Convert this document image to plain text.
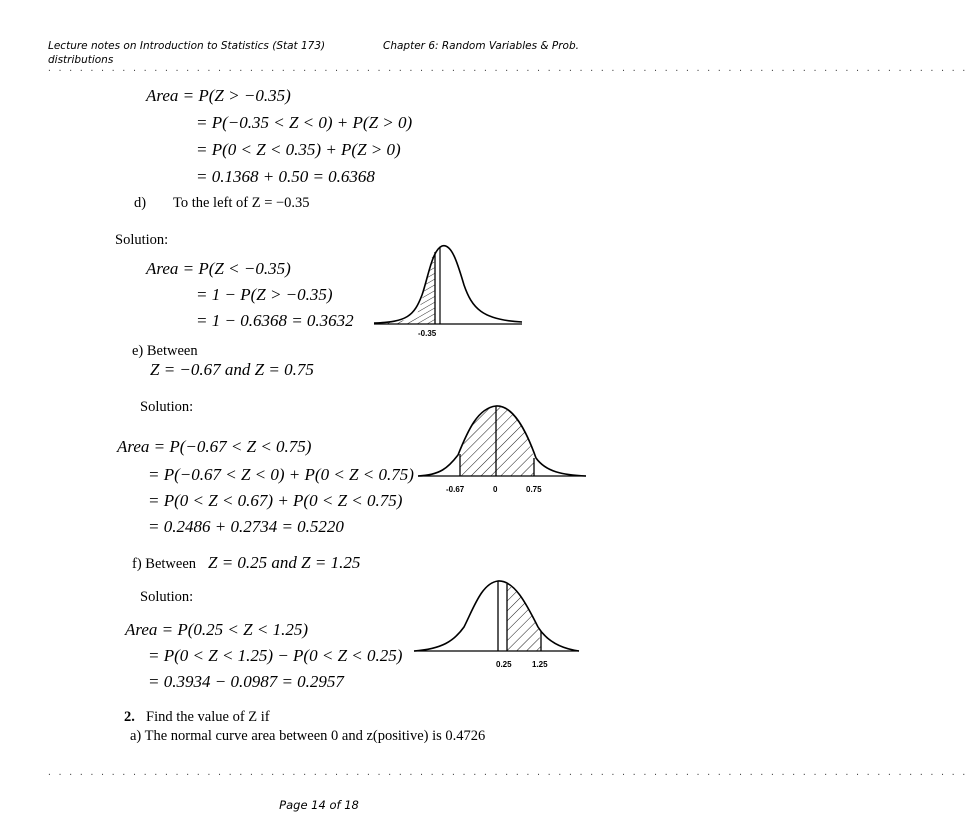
Lecture notes on Introduction to Statistics (Stat 173)
distributions
Chapter 6: Random Variables & Prob.
. . . . . . . . . . . . . . . . . . . . . . . . . . . . . . . . . . . . . . . . . . . . . . . . . . . . . . . . . . . . . . . . . . . . . . . . . . . . . . . . . . . . . . .
Area = P(Z > −0.35)
= P(−0.35 < Z < 0) + P(Z > 0)
= P(0 < Z < 0.35) + P(Z > 0)
= 0.1368 + 0.50 = 0.6368
d) To the left of Z = −0.35
Solution:
Area = P(Z < −0.35)
= 1 − P(Z > −0.35)
= 1 − 0.6368 = 0.3632
-0.35
e) Between
Z = −0.67 and Z = 0.75
Solution:
Area = P(−0.67 < Z < 0.75)
= P(−0.67 < Z < 0) + P(0 < Z < 0.75)
= P(0 < Z < 0.67) + P(0 < Z < 0.75)
= 0.2486 + 0.2734 = 0.5220
-0.67	0	0.75
f) Between Z = 0.25 and Z = 1.25
Solution:
Area = P(0.25 < Z < 1.25)
= P(0 < Z < 1.25) − P(0 < Z < 0.25)
= 0.3934 − 0.0987 = 0.2957
0.25	1.25
2. Find the value of Z if
a) The normal curve area between 0 and z(positive) is 0.4726
. . . . . . . . . . . . . . . . . . . . . . . . . . . . . . . . . . . . . . . . . . . . . . . . . . . . . . . . . . . . . . . . . . . . . . . . . . . . . . . . . . . . . . .
Page 14 of 18
